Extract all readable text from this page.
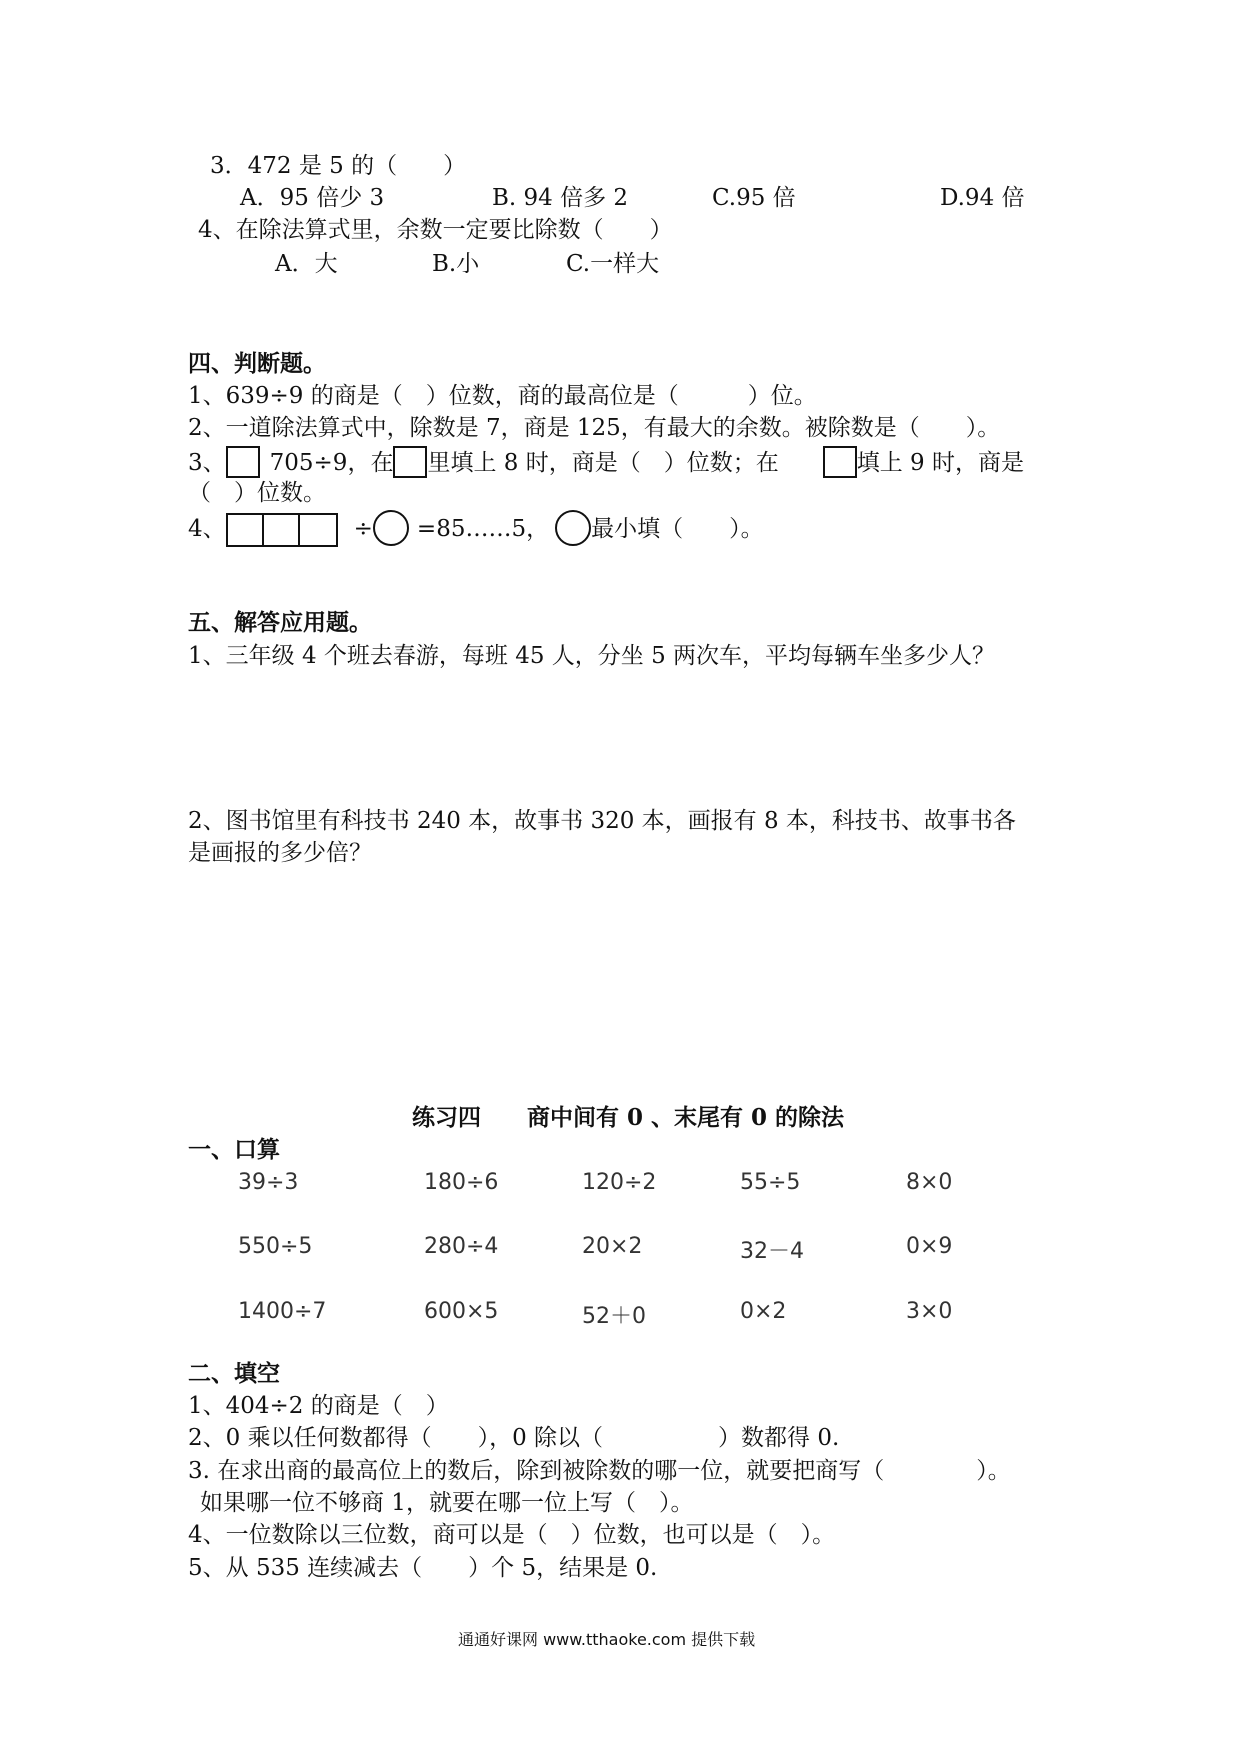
3．472 是 5 的（　　）
A．95 倍少 3	B. 94 倍多 2	C.95 倍	D.94 倍
4、在除法算式里，余数一定要比除数（　　）
A．大	B.小	C.一样大
四、判断题。
1、639÷9 的商是（　）位数，商的最高位是（　　　）位。
2、一道除法算式中，除数是 7，商是 125，有最大的余数。被除数是（　　）。
3、 705÷9，在 里填上 8 时，商是（　）位数；在	填上 9 时，商是
（　）位数。
4、	÷ =85……5， 最小填（　　）。
五、解答应用题。
1、三年级 4 个班去春游，每班 45 人，分坐 5 两次车，平均每辆车坐多少人？
2、图书馆里有科技书 240 本，故事书 320 本，画报有 8 本，科技书、故事书各
是画报的多少倍？
练习四　　商中间有 0 、末尾有 0 的除法
一、口算
39÷3	180÷6	120÷2	55÷5	8×0
550÷5	280÷4	20×2	32－4	0×9
1400÷7	600×5	52＋0	0×2	3×0
二、填空
1、404÷2 的商是（　）
2、0 乘以任何数都得（　　），0 除以（　　　　　）数都得 0.
3. 在求出商的最高位上的数后，除到被除数的哪一位，就要把商写（　　　　）。
如果哪一位不够商 1，就要在哪一位上写（　）。
4、一位数除以三位数，商可以是（　）位数，也可以是（　）。
5、从 535 连续减去（　　）个 5，结果是 0.
通通好课网 www.tthaoke.com 提供下载
